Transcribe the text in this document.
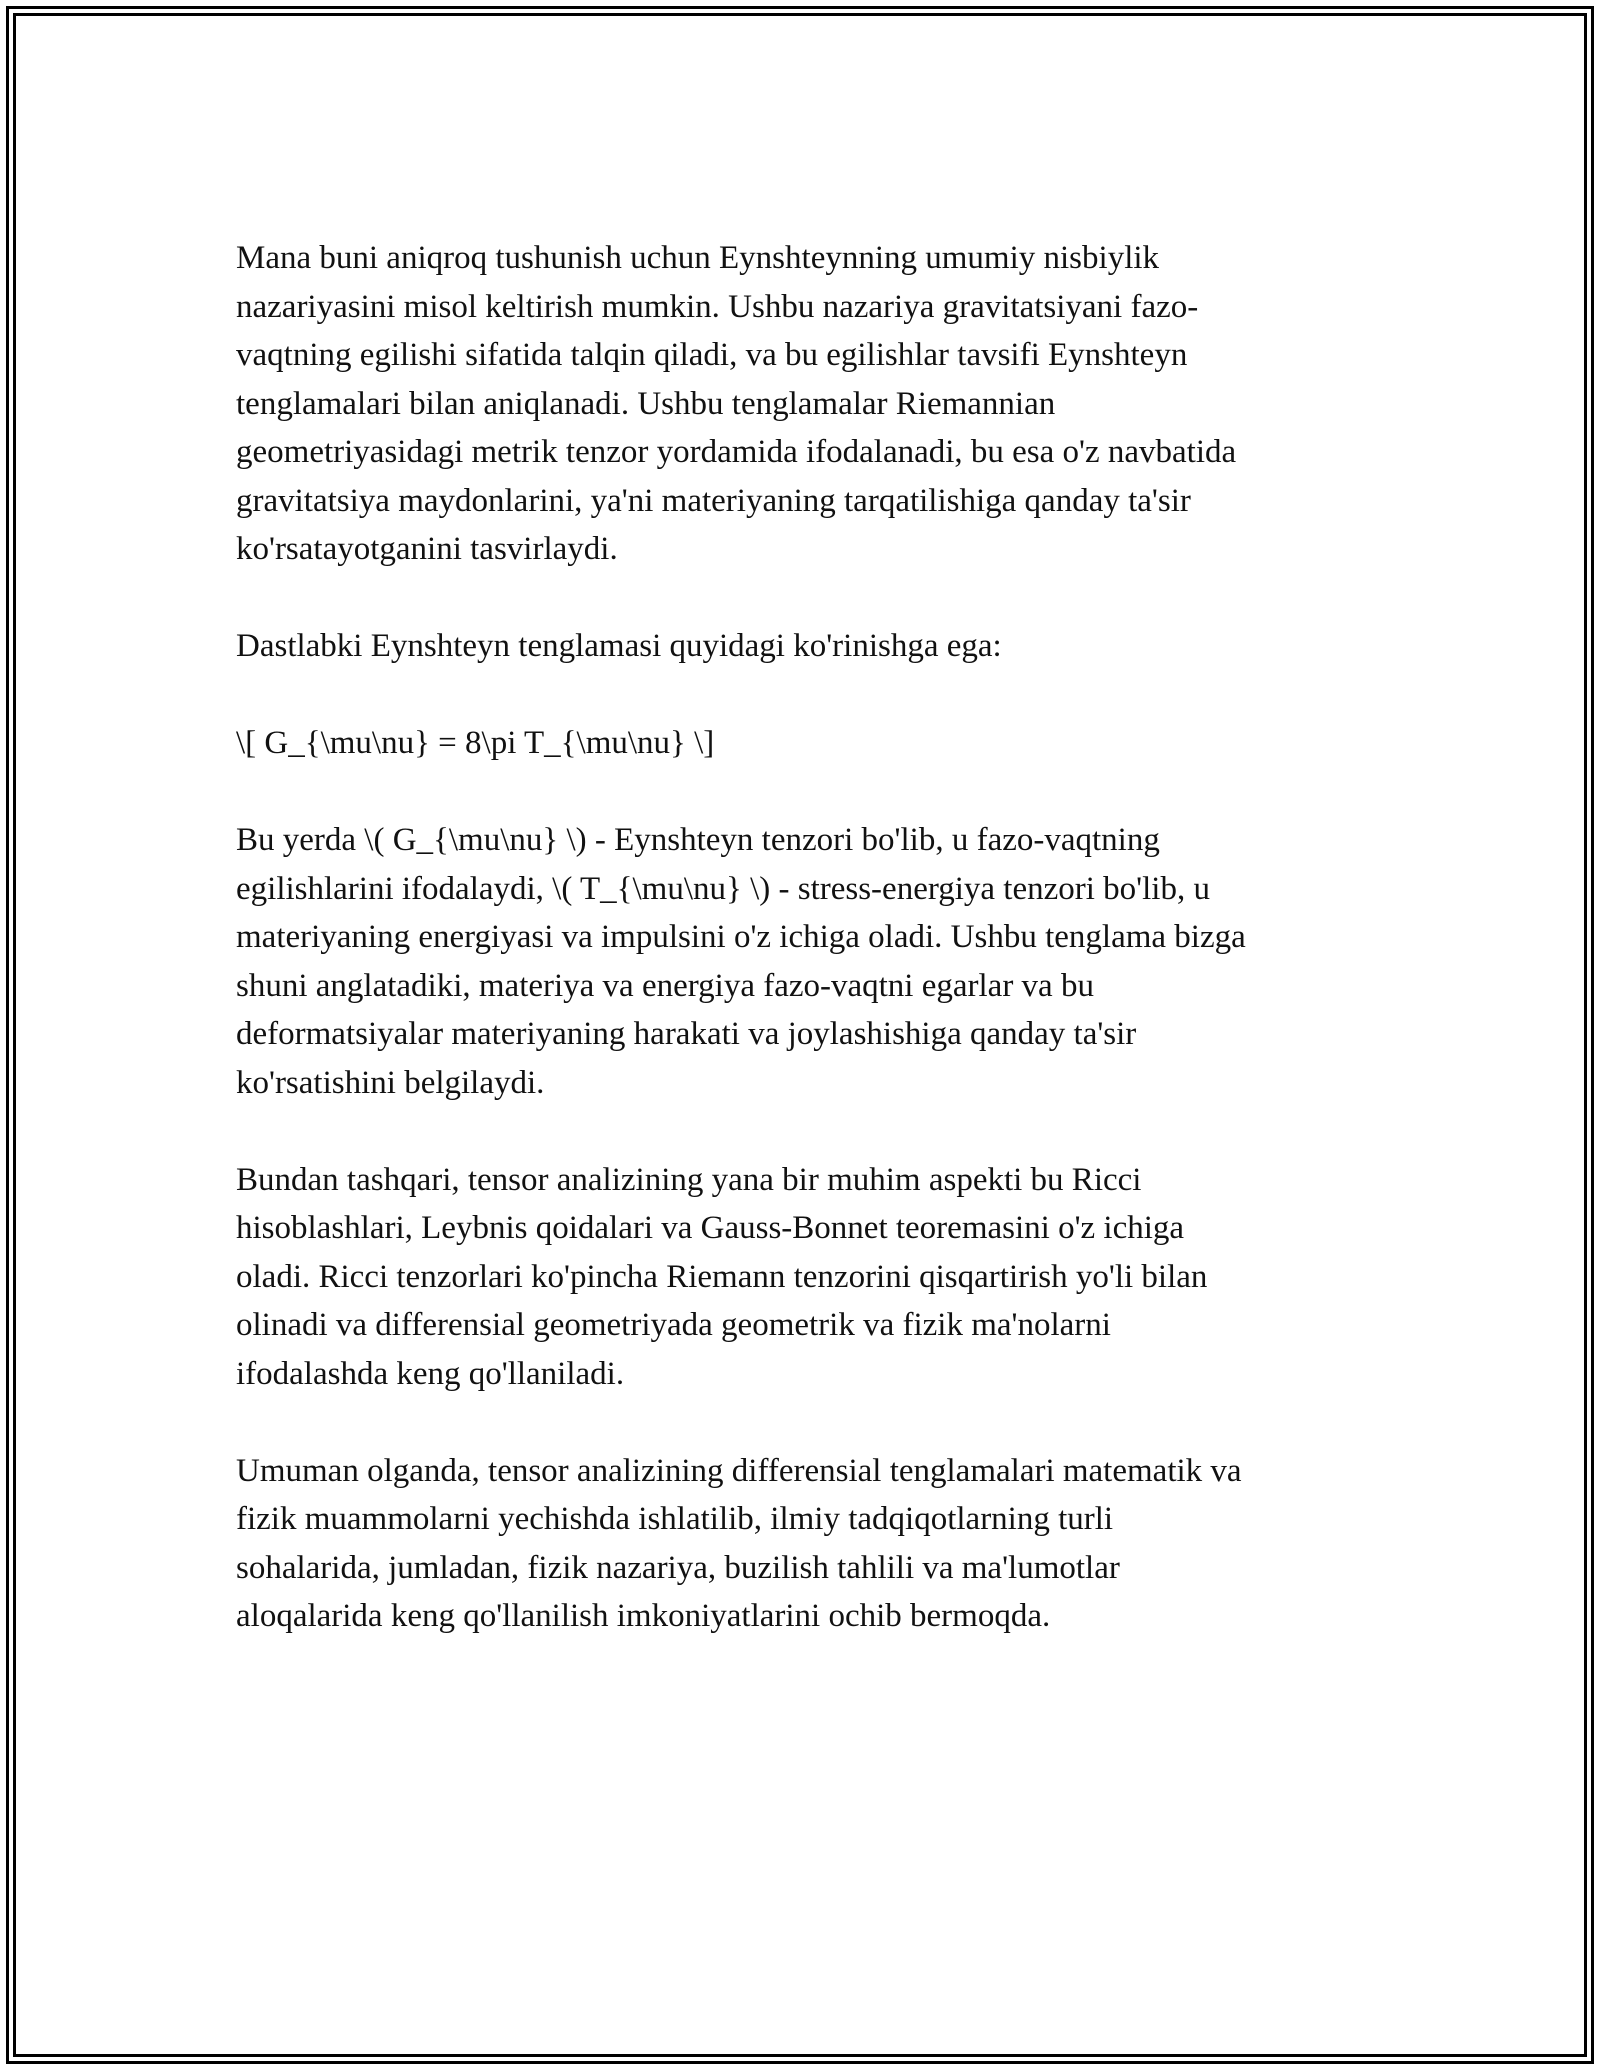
Mana buni aniqroq tushunish uchun Eynshteynning umumiy nisbiylik
nazariyasini misol keltirish mumkin. Ushbu nazariya gravitatsiyani fazo-
vaqtning egilishi sifatida talqin qiladi, va bu egilishlar tavsifi Eynshteyn
tenglamalari bilan aniqlanadi. Ushbu tenglamalar Riemannian
geometriyasidagi metrik tenzor yordamida ifodalanadi, bu esa o'z navbatida
gravitatsiya maydonlarini, ya'ni materiyaning tarqatilishiga qanday ta'sir
ko'rsatayotganini tasvirlaydi.

Dastlabki Eynshteyn tenglamasi quyidagi ko'rinishga ega:

\[ G_{\mu\nu} = 8\pi T_{\mu\nu} \]

Bu yerda \( G_{\mu\nu} \) - Eynshteyn tenzori bo'lib, u fazo-vaqtning
egilishlarini ifodalaydi, \( T_{\mu\nu} \) - stress-energiya tenzori bo'lib, u
materiyaning energiyasi va impulsini o'z ichiga oladi. Ushbu tenglama bizga
shuni anglatadiki, materiya va energiya fazo-vaqtni egarlar va bu
deformatsiyalar materiyaning harakati va joylashishiga qanday ta'sir
ko'rsatishini belgilaydi.

Bundan tashqari, tensor analizining yana bir muhim aspekti bu Ricci
hisoblashlari, Leybnis qoidalari va Gauss-Bonnet teoremasini o'z ichiga
oladi. Ricci tenzorlari ko'pincha Riemann tenzorini qisqartirish yo'li bilan
olinadi va differensial geometriyada geometrik va fizik ma'nolarni
ifodalashda keng qo'llaniladi.

Umuman olganda, tensor analizining differensial tenglamalari matematik va
fizik muammolarni yechishda ishlatilib, ilmiy tadqiqotlarning turli
sohalarida, jumladan, fizik nazariya, buzilish tahlili va ma'lumotlar
aloqalarida keng qo'llanilish imkoniyatlarini ochib bermoqda.
